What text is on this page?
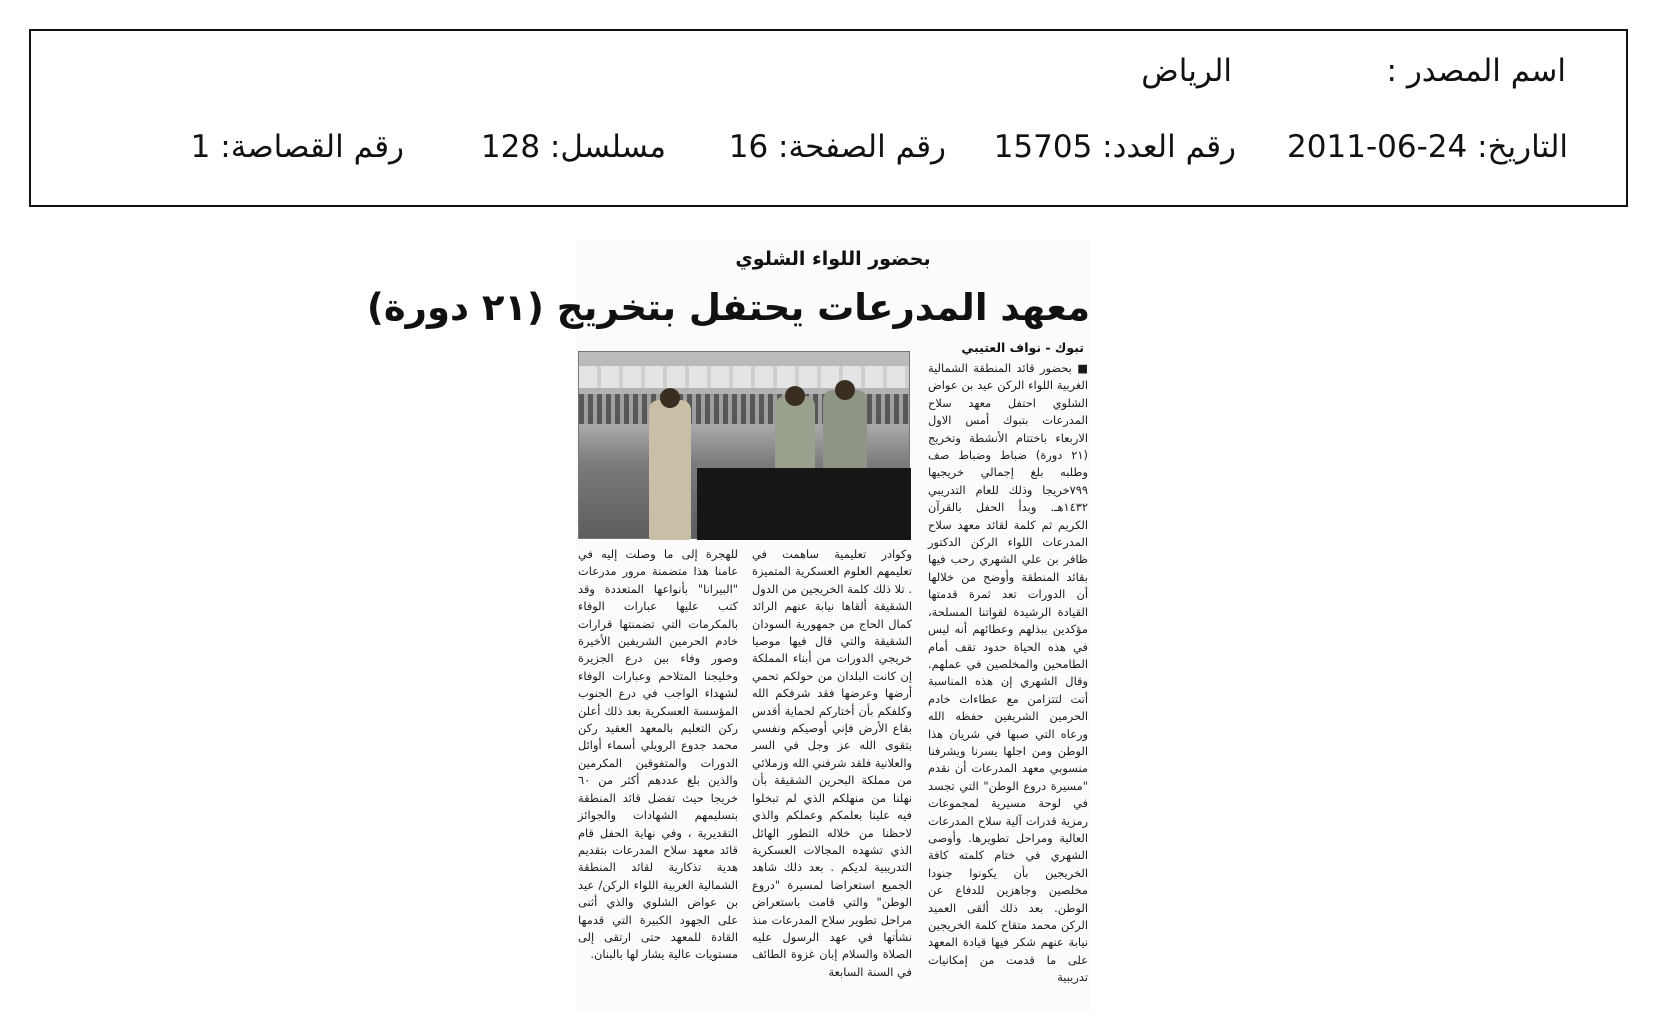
اسم المصدر :
الرياض
التاريخ: 24-06-2011
رقم العدد: 15705
رقم الصفحة: 16
مسلسل: 128
رقم القصاصة: 1
بحضور اللواء الشلوي
معهد المدرعات يحتفل بتخريج (٢١ دورة)
تبوك - نواف العتيبي

■ بحضور قائد المنطقة الشمالية الغربية اللواء الركن عيد بن عواض الشلوي احتفل معهد سلاح المدرعات بتبوك أمس الاول الاربعاء باختتام الأنشطة وتخريج (٢١ دورة) ضباط وضباط صف وطلبه بلغ إجمالي خريجيها ٧٩٩خريجا وذلك للعام التدريبي ١٤٣٢هـ. وبدأ الحفل بالقرآن الكريم ثم كلمة لقائد معهد سلاح المدرعات اللواء الركن الدكتور ظافر بن علي الشهري رحب فيها بقائد المنطقة وأوضح من خلالها أن الدورات تعد ثمرة قدمتها القيادة الرشيدة لقواتنا المسلحة، مؤكدين ببذلهم وعطائهم أنه ليس في هذه الحياة حدود تقف أمام الطامحين والمخلصين في عملهم. وقال الشهري إن هذه المناسبة أتت لتتزامن مع عطاءات خادم الحرمين الشريفين حفظه الله ورعاه التي صبها في شريان هذا الوطن ومن اجلها يسرنا ويشرفنا منسوبي معهد المدرعات أن نقدم "مسيرة دروع الوطن" التي تجسد في لوحة مسيرية لمجموعات رمزية قدرات آلية سلاح المدرعات العالية ومراحل تطويرها. وأوصى الشهري في ختام كلمته كافة الخريجين بأن يكونوا جنودا مخلصين وجاهزين للدفاع عن الوطن. بعد ذلك ألقى العميد الركن محمد متقاح كلمة الخريجين نيابة عنهم شكر فيها قيادة المعهد على ما قدمت من إمكانيات تدريبية

وكوادر تعليمية ساهمت في تعليمهم العلوم العسكرية المتميزة . تلا ذلك كلمة الخريجين من الدول الشقيقة ألقاها نيابة عنهم الرائد كمال الحاج من جمهورية السودان الشقيقة والتي قال فيها موصيا خريجي الدورات من أبناء المملكة إن كانت البلدان من حولكم تحمي أرضها وعرضها فقد شرفكم الله وكلفكم بأن أختاركم لحماية أقدس بقاع الأرض فإني أوصيكم ونفسي بتقوى الله عز وجل في السر والعلانية فلقد شرفني الله وزملائي من مملكة البحرين الشقيقة بأن نهلنا من منهلكم الذي لم تبخلوا فيه علينا بعلمكم وعملكم والذي لاحظنا من خلاله التطور الهائل الذي تشهده المجالات العسكرية التدريبية لديكم . بعد ذلك شاهد الجميع استعراضا لمسيرة "دروع الوطن" والتي قامت باستعراض مراحل تطوير سلاح المدرعات منذ نشأتها في عهد الرسول عليه الصلاة والسلام إبان غزوة الطائف في السنة السابعة

للهجرة إلى ما وصلت إليه في عامنا هذا متضمنة مرور مدرعات "البيرانا" بأنواعها المتعددة وقد كتب عليها عبارات الوفاء بالمكرمات التي تضمنتها قرارات خادم الحرمين الشريفين الأخيرة وصور وفاء بين درع الجزيرة وخليجنا المتلاحم وعبارات الوفاء لشهداء الواجب في درع الجنوب المؤسسة العسكرية بعد ذلك أعلن ركن التعليم بالمعهد العقيد ركن محمد جدوع الرويلي أسماء أوائل الدورات والمتفوقين المكرمين والذين بلغ عددهم أكثر من ٦٠ خريجا حيث تفضل قائد المنطقة بتسليمهم الشهادات والجوائز التقديرية ، وفي نهاية الحفل قام قائد معهد سلاح المدرعات بتقديم هدية تذكارية لقائد المنطقة الشمالية الغربية اللواء الركن/ عيد بن عواض الشلوي والذي أثنى على الجهود الكبيرة التي قدمها القادة للمعهد حتى ارتقى إلى مستويات عالية يشار لها بالبنان.
